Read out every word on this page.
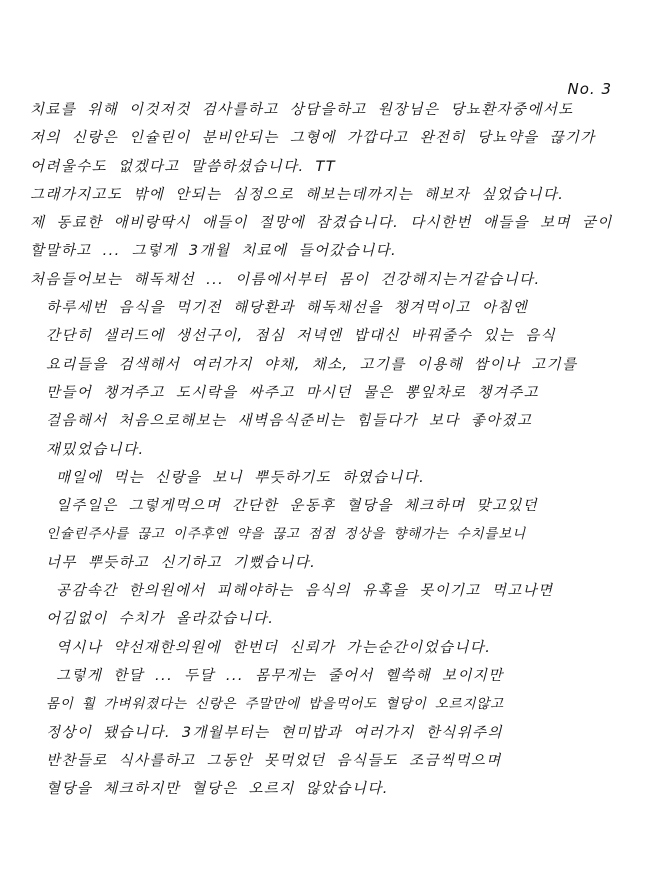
No. 3
치료를 위해 이것저것 검사를하고 상담을하고 원장님은 당뇨환자중에서도
저의 신랑은 인슐린이 분비안되는 그형에 가깝다고 완전히 당뇨약을 끊기가
어려울수도 없겠다고 말씀하셨습니다. TT
그래가지고도 밖에 안되는 심정으로 해보는데까지는 해보자 싶었습니다.
제 동료한 애비랑딱시 애들이 절망에 잠겼습니다. 다시한번 애들을 보며 굳이
할말하고 ... 그렇게 3개월 치료에 들어갔습니다.
처음들어보는 해독채선 ... 이름에서부터 몸이 건강해지는거같습니다.
하루세번 음식을 먹기전 해당환과 해독채선을 챙겨먹이고 아침엔
간단히 샐러드에 생선구이, 점심 저녁엔 밥대신 바꿔줄수 있는 음식
요리들을 검색해서 여러가지 야채, 채소, 고기를 이용해 쌈이나 고기를
만들어 챙겨주고 도시락을 싸주고 마시던 물은 뽕잎차로 챙겨주고
걸음해서 처음으로해보는 새벽음식준비는 힘들다가 보다 좋아졌고
재밌었습니다.
매일에 먹는 신랑을 보니 뿌듯하기도 하였습니다.
일주일은 그렇게먹으며 간단한 운동후 혈당을 체크하며 맞고있던
인슐린주사를 끊고 이주후엔 약을 끊고 점점 정상을 향해가는 수치를보니
너무 뿌듯하고 신기하고 기뻤습니다.
공감속간 한의원에서 피해야하는 음식의 유혹을 못이기고 먹고나면
어김없이 수치가 올라갔습니다.
역시나 약선재한의원에 한번더 신뢰가 가는순간이었습니다.
그렇게 한달 ... 두달 ... 몸무게는 줄어서 헬쓱해 보이지만
몸이 훨 가벼워졌다는 신랑은 주말만에 밥을먹어도 혈당이 오르지않고
정상이 됐습니다. 3개월부터는 현미밥과 여러가지 한식위주의
반찬들로 식사를하고 그동안 못먹었던 음식들도 조금씩먹으며
혈당을 체크하지만 혈당은 오르지 않았습니다.
